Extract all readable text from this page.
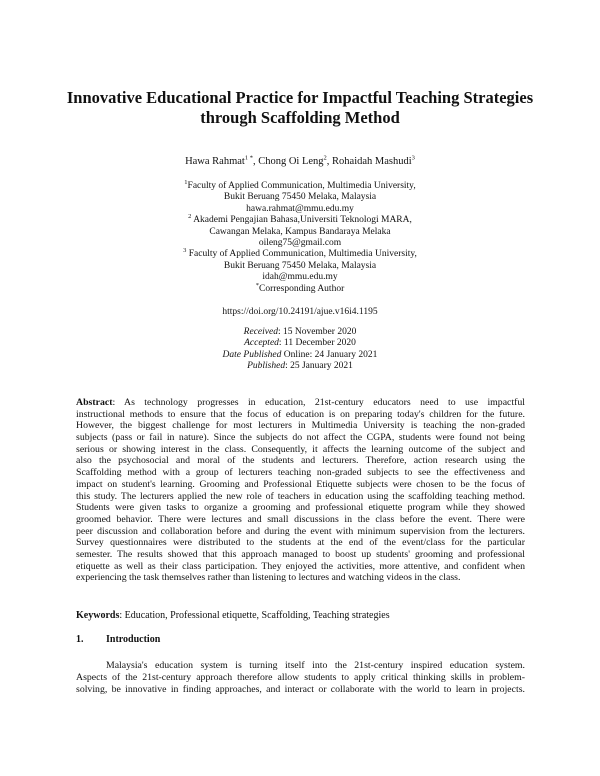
Innovative Educational Practice for Impactful Teaching Strategies
through Scaffolding Method
Hawa Rahmat$^{1 *}$, Chong Oi Leng$^2$, Rohaidah Mashudi$^3$
$^1$Faculty of Applied Communication, Multimedia University,
Bukit Beruang 75450 Melaka, Malaysia
hawa.rahmat@mmu.edu.my
$^2$ Akademi Pengajian Bahasa,Universiti Teknologi MARA,
Cawangan Melaka, Kampus Bandaraya Melaka
oileng75@gmail.com
$^3$ Faculty of Applied Communication, Multimedia University,
Bukit Beruang 75450 Melaka, Malaysia
idah@mmu.edu.my
*Corresponding Author
https://doi.org/10.24191/ajue.v16i4.1195
Received: 15 November 2020
Accepted: 11 December 2020
Date Published Online: 24 January 2021
Published: 25 January 2021
Abstract: As technology progresses in education, 21st-century educators need to use impactful
instructional methods to ensure that the focus of education is on preparing today's children for the future.
However, the biggest challenge for most lecturers in Multimedia University is teaching the non-graded
subjects (pass or fail in nature). Since the subjects do not affect the CGPA, students were found not being
serious or showing interest in the class. Consequently, it affects the learning outcome of the subject and
also the psychosocial and moral of the students and lecturers. Therefore, action research using the
Scaffolding method with a group of lecturers teaching non-graded subjects to see the effectiveness and
impact on student's learning. Grooming and Professional Etiquette subjects were chosen to be the focus of
this study. The lecturers applied the new role of teachers in education using the scaffolding teaching method.
Students were given tasks to organize a grooming and professional etiquette program while they showed
groomed behavior. There were lectures and small discussions in the class before the event. There were
peer discussion and collaboration before and during the event with minimum supervision from the lecturers.
Survey questionnaires were distributed to the students at the end of the event/class for the particular
semester. The results showed that this approach managed to boost up students' grooming and professional
etiquette as well as their class participation. They enjoyed the activities, more attentive, and confident when
experiencing the task themselves rather than listening to lectures and watching videos in the class.
Keywords: Education, Professional etiquette, Scaffolding, Teaching strategies
1. Introduction
Malaysia's education system is turning itself into the 21st-century inspired education system.
Aspects of the 21st-century approach therefore allow students to apply critical thinking skills in problem-
solving, be innovative in finding approaches, and interact or collaborate with the world to learn in projects.
